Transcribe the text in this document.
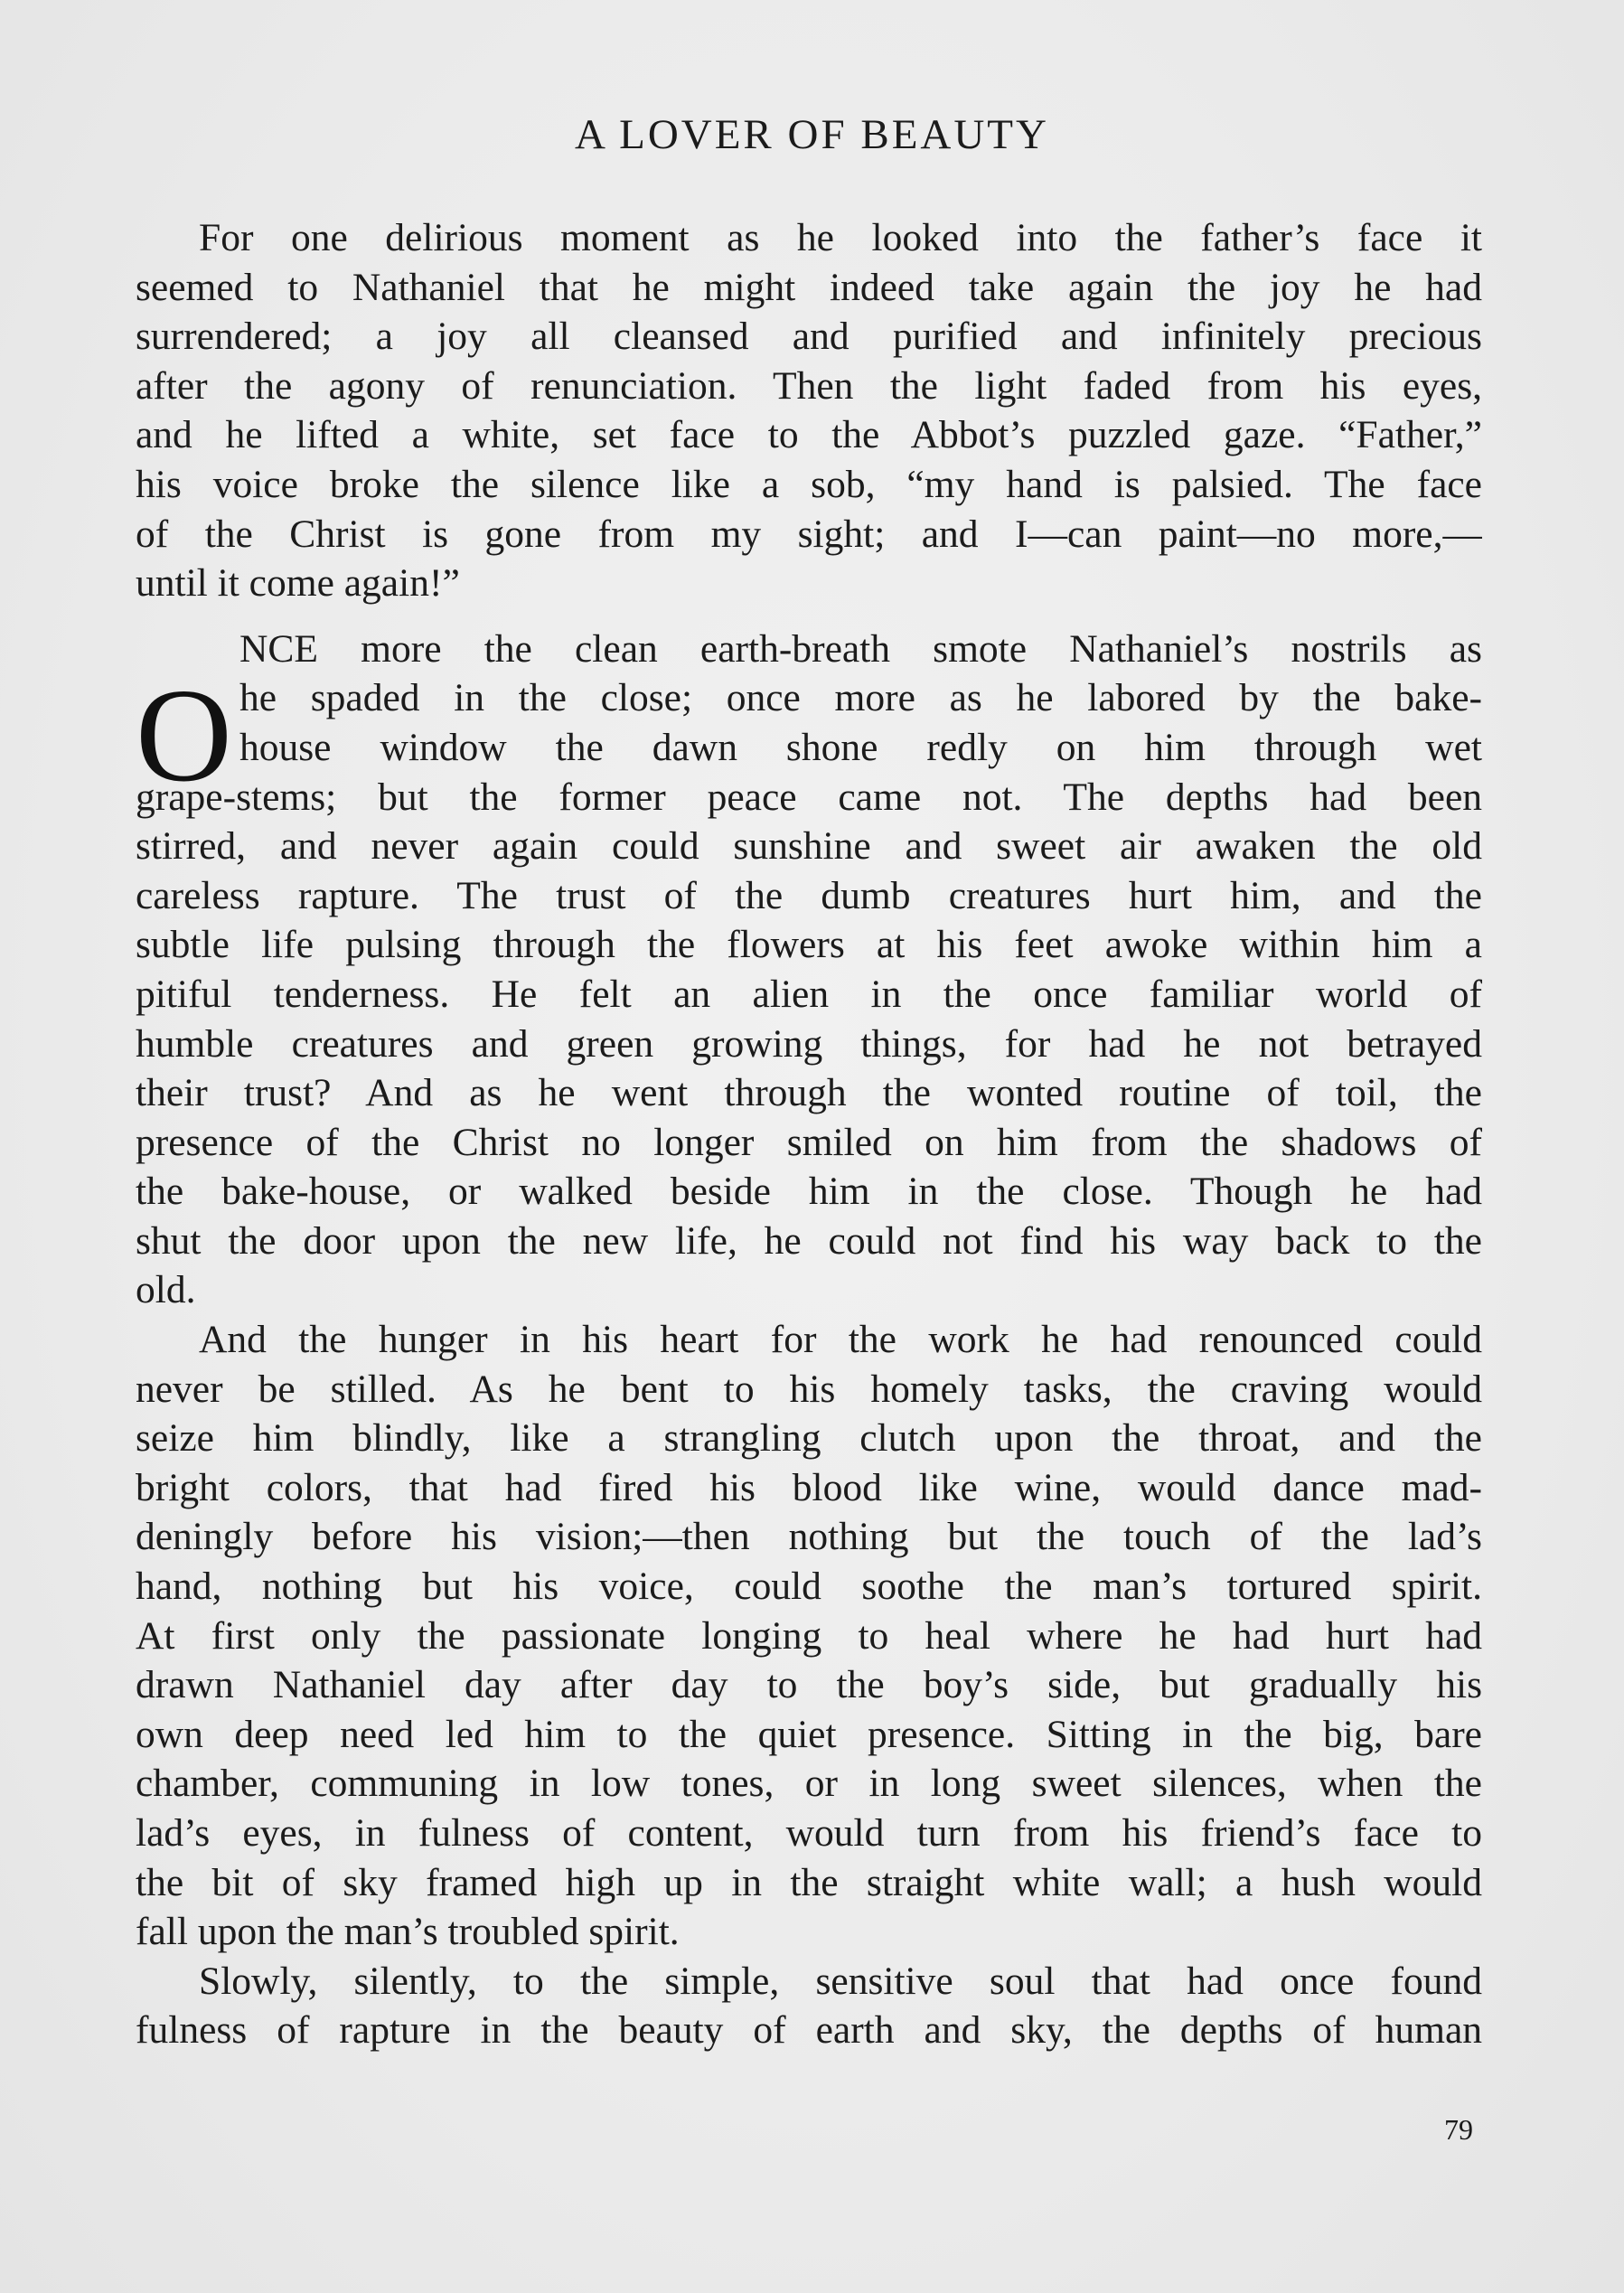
A LOVER OF BEAUTY
O
For one delirious moment as he looked into the father’s face it
seemed to Nathaniel that he might indeed take again the joy he had
surrendered; a joy all cleansed and purified and infinitely precious
after the agony of renunciation. Then the light faded from his eyes,
and he lifted a white, set face to the Abbot’s puzzled gaze. “Father,”
his voice broke the silence like a sob, “my hand is palsied. The face
of the Christ is gone from my sight; and I—can paint—no more,—
until it come again!”
NCE more the clean earth-breath smote Nathaniel’s nostrils as
he spaded in the close; once more as he labored by the bake-
house window the dawn shone redly on him through wet
grape-stems; but the former peace came not. The depths had been
stirred, and never again could sunshine and sweet air awaken the old
careless rapture. The trust of the dumb creatures hurt him, and the
subtle life pulsing through the flowers at his feet awoke within him a
pitiful tenderness. He felt an alien in the once familiar world of
humble creatures and green growing things, for had he not betrayed
their trust? And as he went through the wonted routine of toil, the
presence of the Christ no longer smiled on him from the shadows of
the bake-house, or walked beside him in the close. Though he had
shut the door upon the new life, he could not find his way back to the
old.
And the hunger in his heart for the work he had renounced could
never be stilled. As he bent to his homely tasks, the craving would
seize him blindly, like a strangling clutch upon the throat, and the
bright colors, that had fired his blood like wine, would dance mad-
deningly before his vision;—then nothing but the touch of the lad’s
hand, nothing but his voice, could soothe the man’s tortured spirit.
At first only the passionate longing to heal where he had hurt had
drawn Nathaniel day after day to the boy’s side, but gradually his
own deep need led him to the quiet presence. Sitting in the big, bare
chamber, communing in low tones, or in long sweet silences, when the
lad’s eyes, in fulness of content, would turn from his friend’s face to
the bit of sky framed high up in the straight white wall; a hush would
fall upon the man’s troubled spirit.
Slowly, silently, to the simple, sensitive soul that had once found
fulness of rapture in the beauty of earth and sky, the depths of human
79
